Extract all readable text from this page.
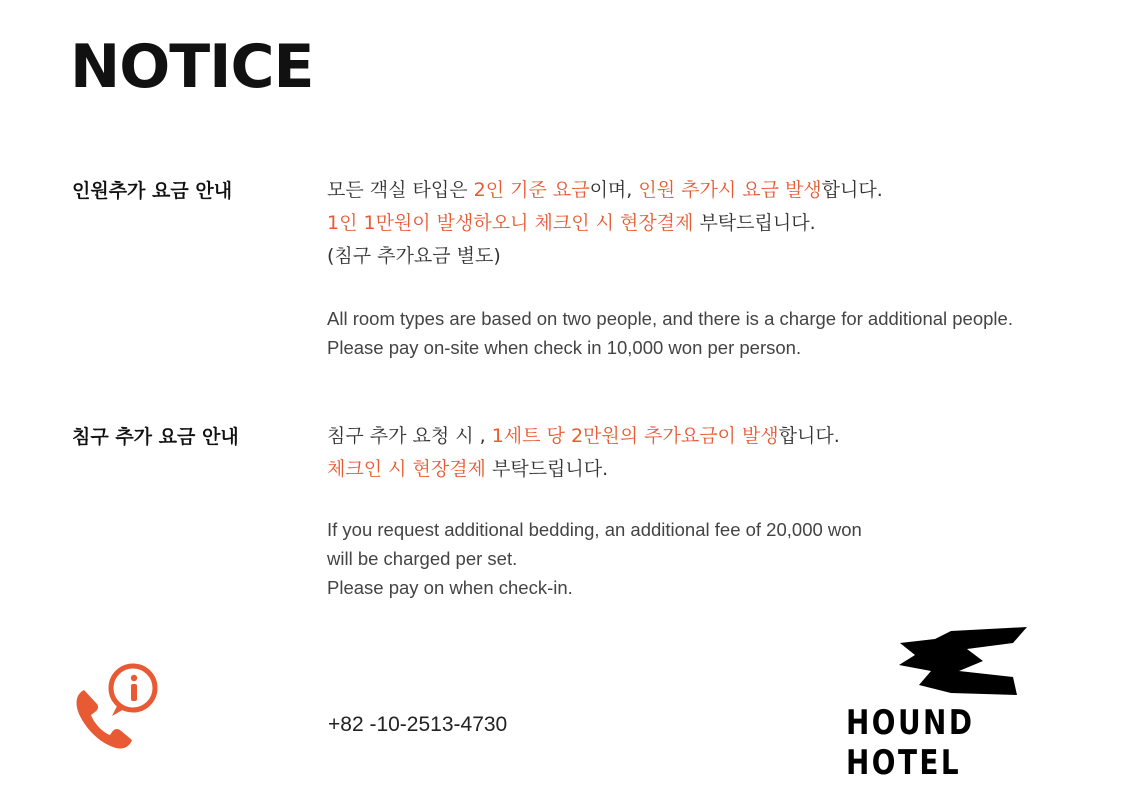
NOTICE
인원추가 요금 안내	모든 객실 타입은 2인 기준 요금이며, 인원 추가시 요금 발생합니다.
1인 1만원이 발생하오니 체크인 시 현장결제 부탁드립니다.
(침구 추가요금 별도)
All room types are based on two people, and there is a charge for additional people.
Please pay on-site when check in 10,000 won per person.
침구 추가 요금 안내	침구 추가 요청 시 , 1세트 당 2만원의 추가요금이 발생합니다.
체크인 시 현장결제 부탁드립니다.
If you request additional bedding, an additional fee of 20,000 won
will be charged per set.
Please pay on when check-in.
+82 -10-2513-4730	HOUND HOTEL
